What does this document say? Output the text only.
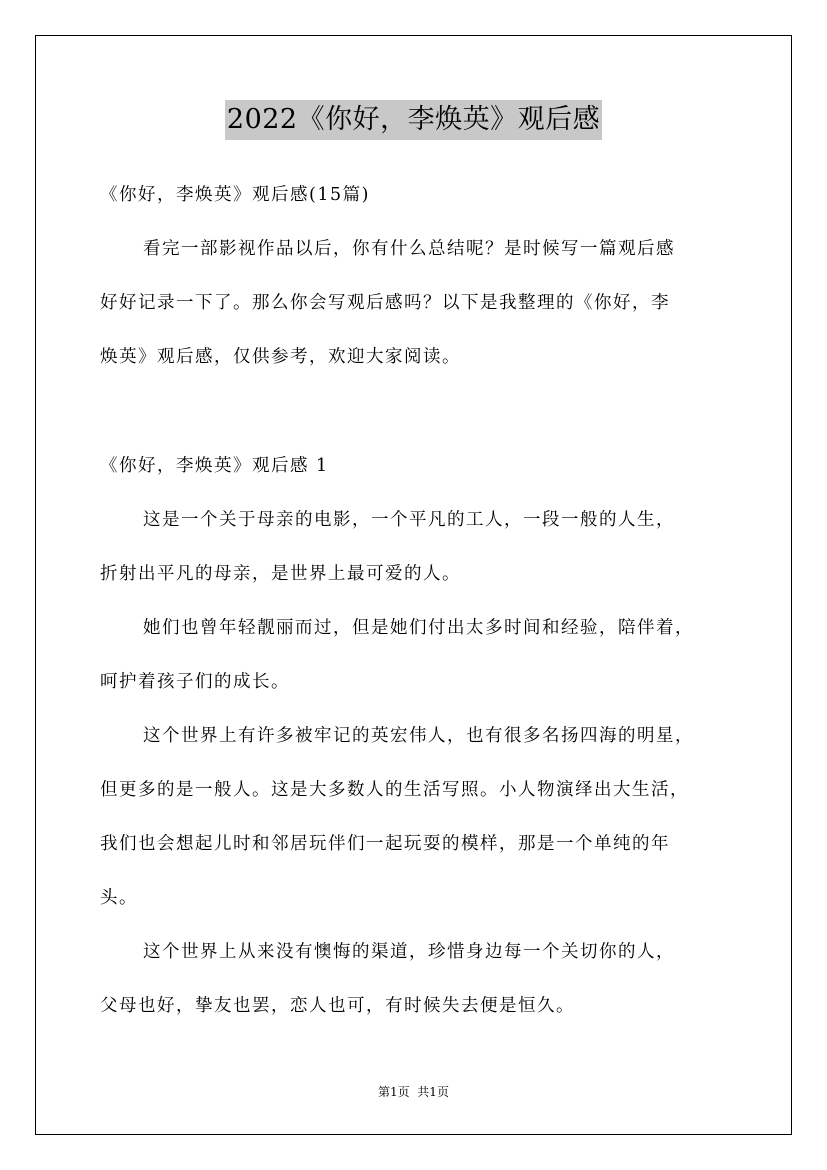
2022《你好，李焕英》观后感
《你好，李焕英》观后感(15篇)
看完一部影视作品以后，你有什么总结呢？是时候写一篇观后感
好好记录一下了。那么你会写观后感吗？以下是我整理的《你好，李
焕英》观后感，仅供参考，欢迎大家阅读。
《你好，李焕英》观后感 1
这是一个关于母亲的电影，一个平凡的工人，一段一般的人生，
折射出平凡的母亲，是世界上最可爱的人。
她们也曾年轻靓丽而过，但是她们付出太多时间和经验，陪伴着，
呵护着孩子们的成长。
这个世界上有许多被牢记的英宏伟人，也有很多名扬四海的明星，
但更多的是一般人。这是大多数人的生活写照。小人物演绎出大生活，
我们也会想起儿时和邻居玩伴们一起玩耍的模样，那是一个单纯的年
头。
这个世界上从来没有懊悔的渠道，珍惜身边每一个关切你的人，
父母也好，挚友也罢，恋人也可，有时候失去便是恒久。
第1页  共1页
